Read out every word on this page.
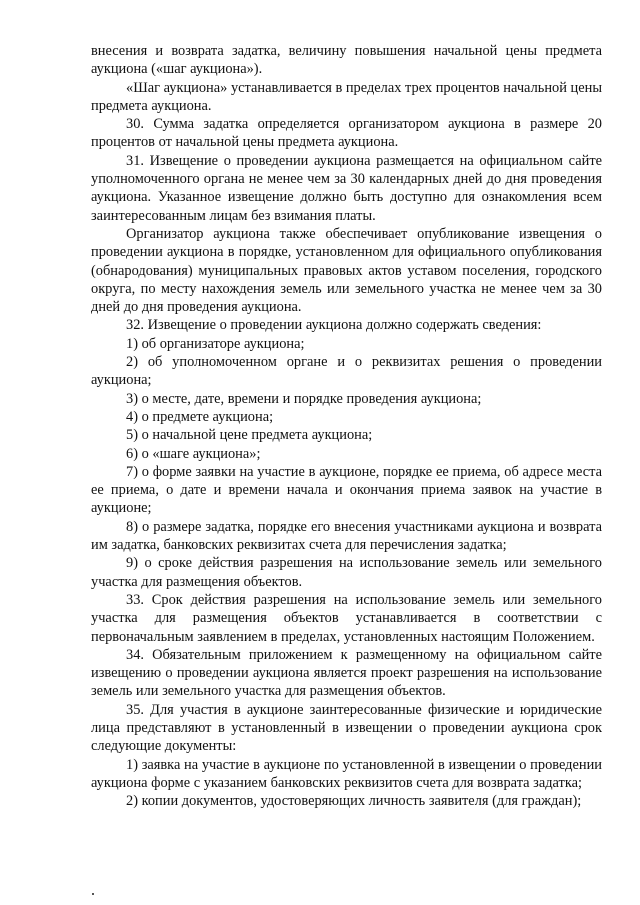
внесения и возврата задатка, величину повышения начальной цены предмета аукциона («шаг аукциона»).

«Шаг аукциона» устанавливается в пределах трех процентов начальной цены предмета аукциона.

30. Сумма задатка определяется организатором аукциона в размере 20 процентов от начальной цены предмета аукциона.

31. Извещение о проведении аукциона размещается на официальном сайте уполномоченного органа не менее чем за 30 календарных дней до дня проведения аукциона. Указанное извещение должно быть доступно для ознакомления всем заинтересованным лицам без взимания платы.

Организатор аукциона также обеспечивает опубликование извещения о проведении аукциона в порядке, установленном для официального опубликования (обнародования) муниципальных правовых актов уставом поселения, городского округа, по месту нахождения земель или земельного участка не менее чем за 30 дней до дня проведения аукциона.

32. Извещение о проведении аукциона должно содержать сведения:

1) об организаторе аукциона;

2) об уполномоченном органе и о реквизитах решения о проведении аукциона;

3) о месте, дате, времени и порядке проведения аукциона;

4) о предмете аукциона;

5) о начальной цене предмета аукциона;

6) о «шаге аукциона»;

7) о форме заявки на участие в аукционе, порядке ее приема, об адресе места ее приема, о дате и времени начала и окончания приема заявок на участие в аукционе;

8) о размере задатка, порядке его внесения участниками аукциона и возврата им задатка, банковских реквизитах счета для перечисления задатка;

9) о сроке действия разрешения на использование земель или земельного участка для размещения объектов.

33. Срок действия разрешения на использование земель или земельного участка для размещения объектов устанавливается в соответствии с первоначальным заявлением в пределах, установленных настоящим Положением.

34. Обязательным приложением к размещенному на официальном сайте извещению о проведении аукциона является проект разрешения на использование земель или земельного участка для размещения объектов.

35. Для участия в аукционе заинтересованные физические и юридические лица представляют в установленный в извещении о проведении аукциона срок следующие документы:

1) заявка на участие в аукционе по установленной в извещении о проведении аукциона форме с указанием банковских реквизитов счета для возврата задатка;

2) копии документов, удостоверяющих личность заявителя (для граждан);
